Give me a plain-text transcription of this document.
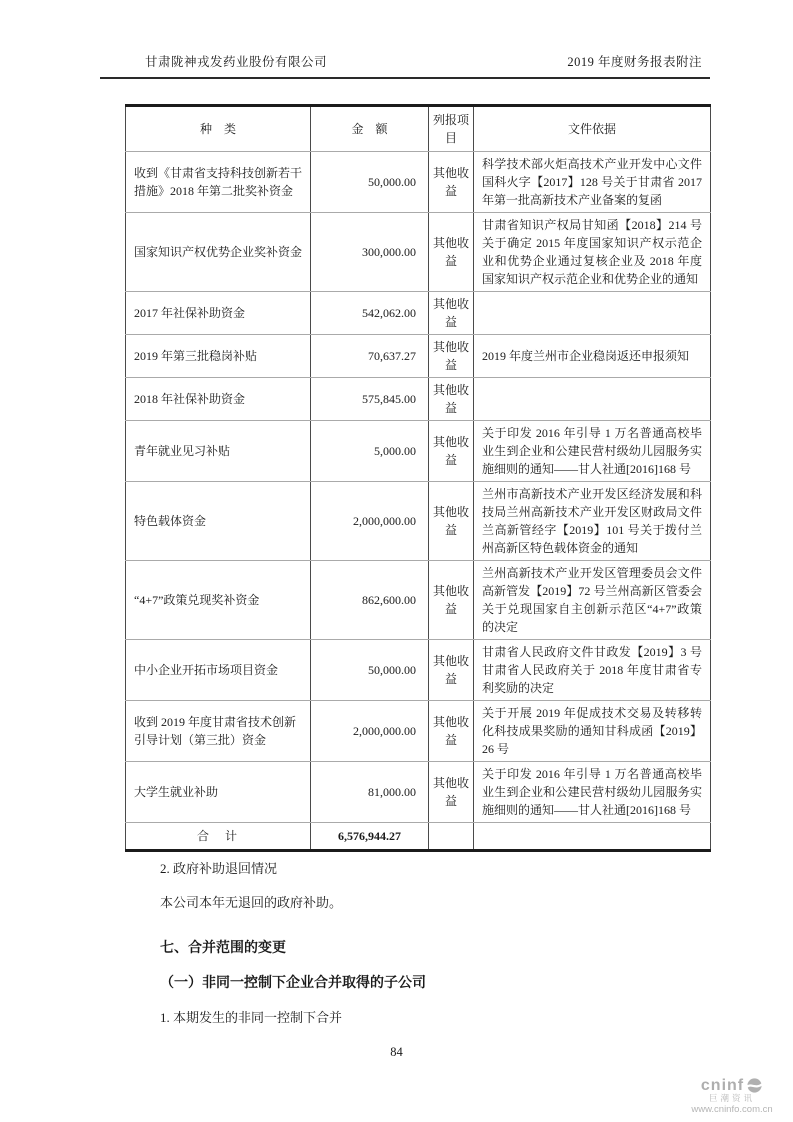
甘肃陇神戎发药业股份有限公司	2019 年度财务报表附注
种　类	金　额	列报项目	文件依据
收到《甘肃省支持科技创新若干措施》2018 年第二批奖补资金	50,000.00	其他收益	科学技术部火炬高技术产业开发中心文件国科火字【2017】128 号关于甘肃省 2017 年第一批高新技术产业备案的复函
国家知识产权优势企业奖补资金	300,000.00	其他收益	甘肃省知识产权局甘知函【2018】214 号关于确定 2015 年度国家知识产权示范企业和优势企业通过复核企业及 2018 年度国家知识产权示范企业和优势企业的通知
2017 年社保补助资金	542,062.00	其他收益	
2019 年第三批稳岗补贴	70,637.27	其他收益	2019 年度兰州市企业稳岗返还申报须知
2018 年社保补助资金	575,845.00	其他收益	
青年就业见习补贴	5,000.00	其他收益	关于印发 2016 年引导 1 万名普通高校毕业生到企业和公建民营村级幼儿园服务实施细则的通知——甘人社通[2016]168 号
特色载体资金	2,000,000.00	其他收益	兰州市高新技术产业开发区经济发展和科技局兰州高新技术产业开发区财政局文件兰高新管经字【2019】101 号关于拨付兰州高新区特色载体资金的通知
“4+7”政策兑现奖补资金	862,600.00	其他收益	兰州高新技术产业开发区管理委员会文件高新管发【2019】72 号兰州高新区管委会关于兑现国家自主创新示范区“4+7”政策的决定
中小企业开拓市场项目资金	50,000.00	其他收益	甘肃省人民政府文件甘政发【2019】3 号甘肃省人民政府关于 2018 年度甘肃省专利奖励的决定
收到 2019 年度甘肃省技术创新引导计划（第三批）资金	2,000,000.00	其他收益	关于开展 2019 年促成技术交易及转移转化科技成果奖励的通知甘科成函【2019】26 号
大学生就业补助	81,000.00	其他收益	关于印发 2016 年引导 1 万名普通高校毕业生到企业和公建民营村级幼儿园服务实施细则的通知——甘人社通[2016]168 号
合　计	6,576,944.27		

2. 政府补助退回情况

本公司本年无退回的政府补助。

七、合并范围的变更
（一）非同一控制下企业合并取得的子公司

1. 本期发生的非同一控制下合并

84
cninf
巨潮资讯
www.cninfo.com.cn
